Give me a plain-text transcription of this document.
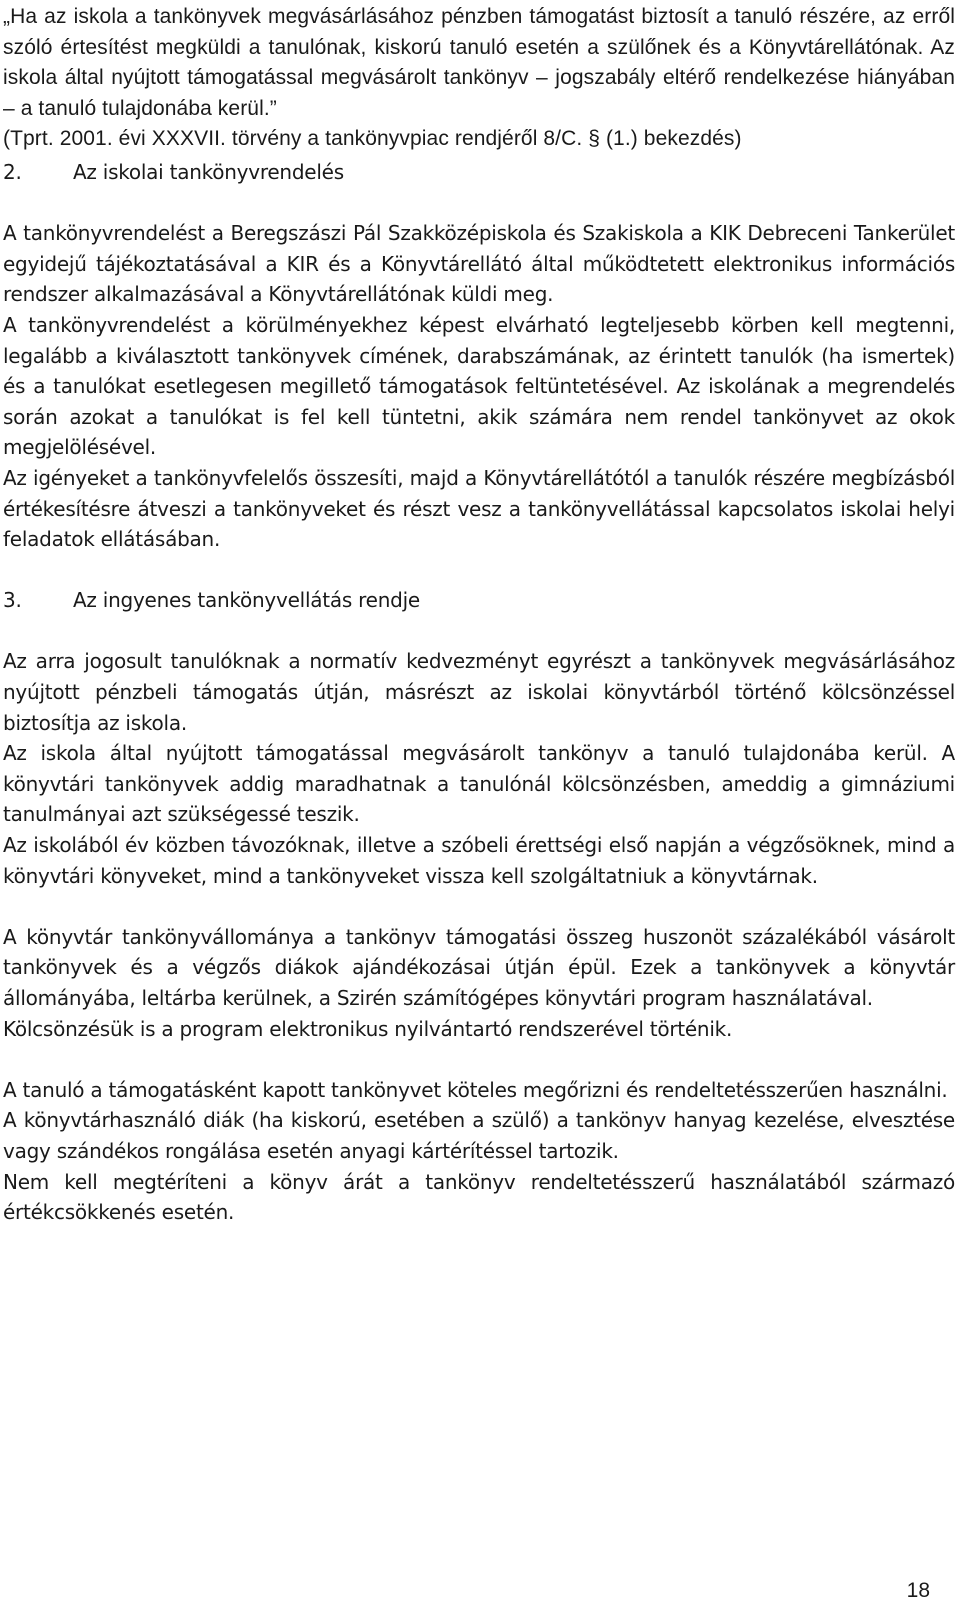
„Ha az iskola a tankönyvek megvásárlásához pénzben támogatást biztosít a tanuló részére, az erről szóló értesítést megküldi a tanulónak, kiskorú tanuló esetén a szülőnek és a Könyvtárellátónak. Az iskola által nyújtott támogatással megvásárolt tankönyv – jogszabály eltérő rendelkezése hiányában – a tanuló tulajdonába kerül.”

(Tprt. 2001. évi XXXVII. törvény a tankönyvpiac rendjéről 8/C. § (1.) bekezdés)

2.	Az iskolai tankönyvrendelés

A tankönyvrendelést a Beregszászi Pál Szakközépiskola és Szakiskola a KIK Debreceni Tankerület egyidejű tájékoztatásával a KIR és a Könyvtárellátó által működtetett elektronikus információs rendszer alkalmazásával a Könyvtárellátónak küldi meg.

A tankönyvrendelést a körülményekhez képest elvárható legteljesebb körben kell megtenni, legalább a kiválasztott tankönyvek címének, darabszámának, az érintett tanulók (ha ismertek) és a tanulókat esetlegesen megillető támogatások feltüntetésével. Az iskolának a megrendelés során azokat a tanulókat is fel kell tüntetni, akik számára nem rendel tankönyvet az okok megjelölésével.

Az igényeket a tankönyvfelelős összesíti, majd a Könyvtárellátótól a tanulók részére megbízásból értékesítésre átveszi a tankönyveket és részt vesz a tankönyvellátással kapcsolatos iskolai helyi feladatok ellátásában.

3.	Az ingyenes tankönyvellátás rendje

Az arra jogosult tanulóknak a normatív kedvezményt egyrészt a tankönyvek megvásárlásához nyújtott pénzbeli támogatás útján, másrészt az iskolai könyvtárból történő kölcsönzéssel biztosítja az iskola.

Az iskola által nyújtott támogatással megvásárolt tankönyv a tanuló tulajdonába kerül. A könyvtári tankönyvek addig maradhatnak a tanulónál kölcsönzésben, ameddig a gimnáziumi tanulmányai azt szükségessé teszik.

Az iskolából év közben távozóknak, illetve a szóbeli érettségi első napján a végzősöknek, mind a könyvtári könyveket, mind a tankönyveket vissza kell szolgáltatniuk a könyvtárnak.

A könyvtár tankönyvállománya a tankönyv támogatási összeg huszonöt százalékából vásárolt tankönyvek és a végzős diákok ajándékozásai útján épül. Ezek a tankönyvek a könyvtár állományába, leltárba kerülnek, a Szirén számítógépes könyvtári program használatával.

Kölcsönzésük is a program elektronikus nyilvántartó rendszerével történik.

A tanuló a támogatásként kapott tankönyvet köteles megőrizni és rendeltetésszerűen használni.

A könyvtárhasználó diák (ha kiskorú, esetében a szülő) a tankönyv hanyag kezelése, elvesztése vagy szándékos rongálása esetén anyagi kártérítéssel tartozik.

Nem kell megtéríteni a könyv árát a tankönyv rendeltetésszerű használatából származó értékcsökkenés esetén.

18
